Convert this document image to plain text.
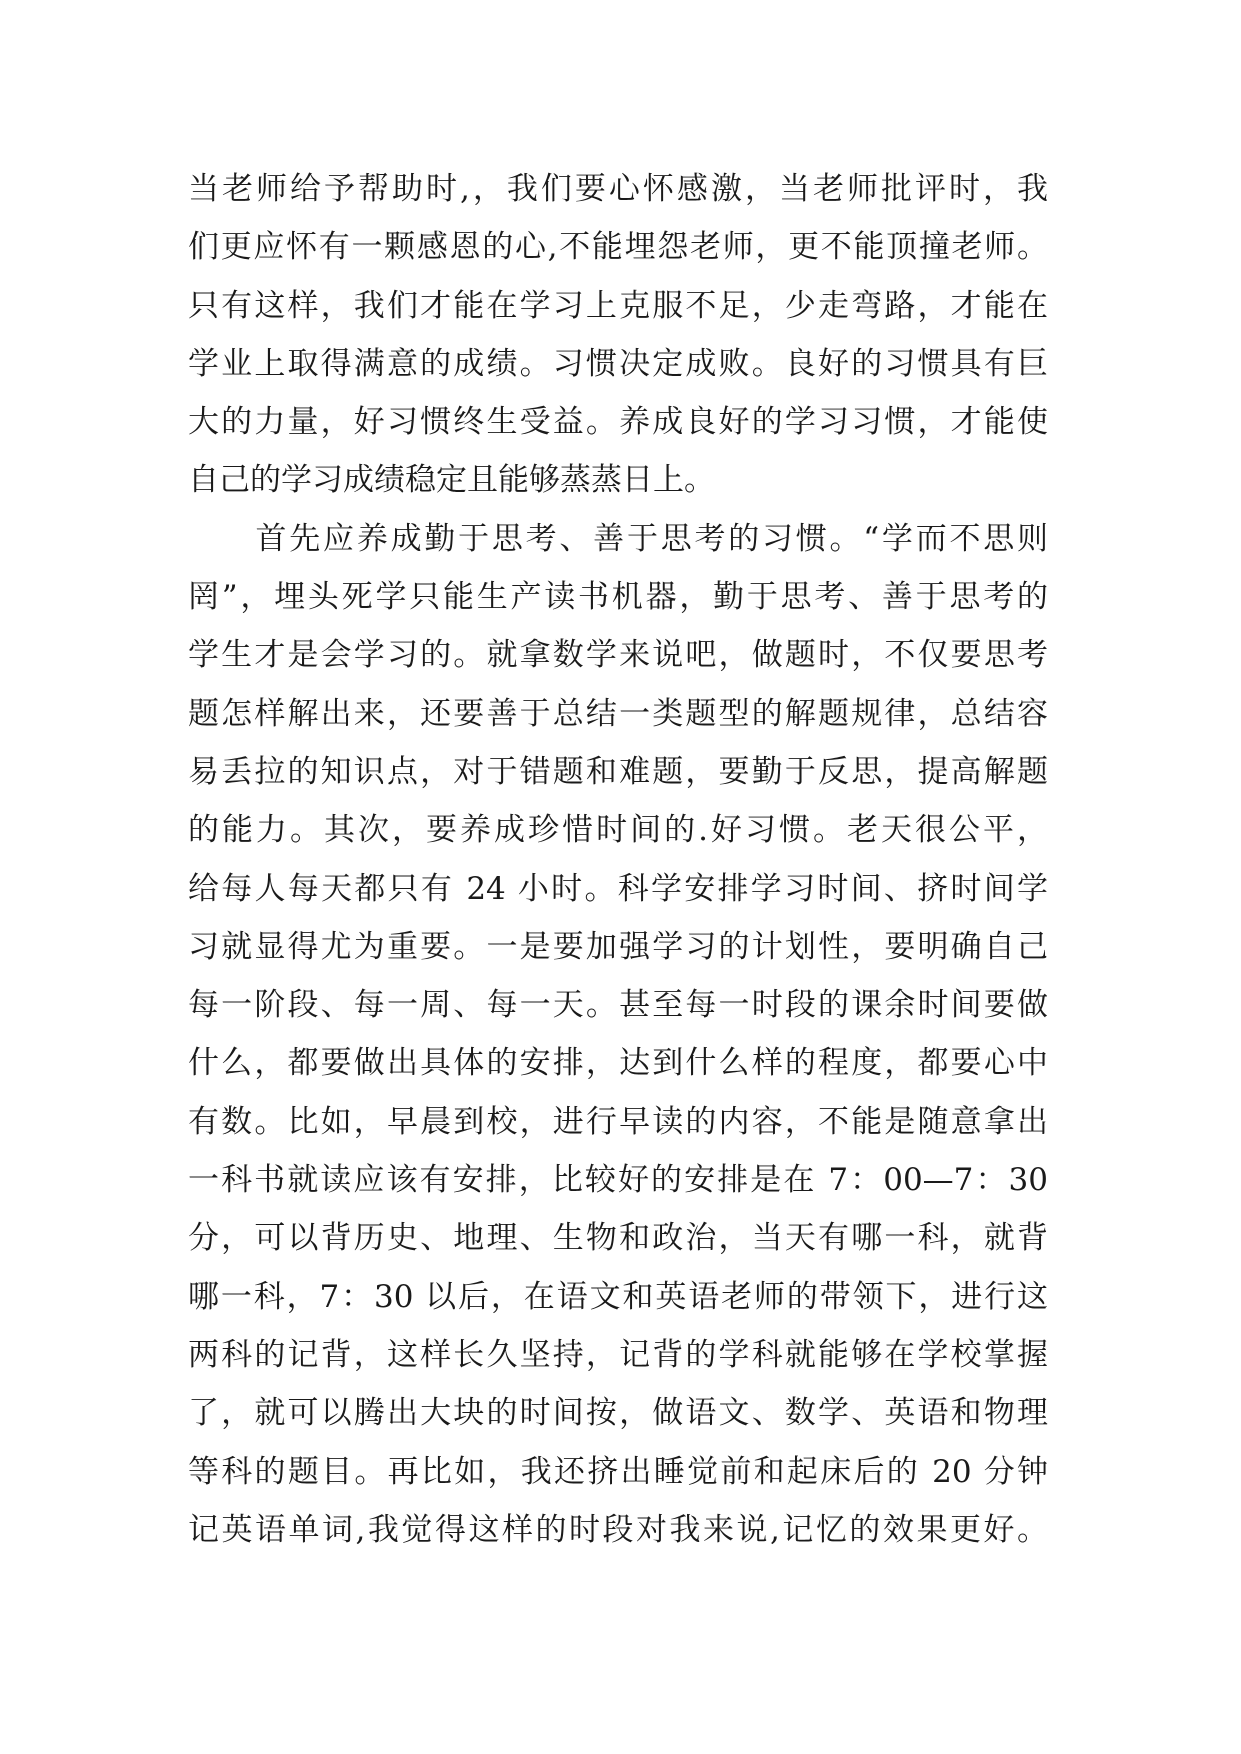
当老师给予帮助时,，我们要心怀感激，当老师批评时，我
们更应怀有一颗感恩的心,不能埋怨老师，更不能顶撞老师。
只有这样，我们才能在学习上克服不足，少走弯路，才能在
学业上取得满意的成绩。习惯决定成败。良好的习惯具有巨
大的力量，好习惯终生受益。养成良好的学习习惯，才能使
自己的学习成绩稳定且能够蒸蒸日上。
　　首先应养成勤于思考、善于思考的习惯。“学而不思则
罔”，埋头死学只能生产读书机器，勤于思考、善于思考的
学生才是会学习的。就拿数学来说吧，做题时，不仅要思考
题怎样解出来，还要善于总结一类题型的解题规律，总结容
易丢拉的知识点，对于错题和难题，要勤于反思，提高解题
的能力。其次，要养成珍惜时间的.好习惯。老天很公平，
给每人每天都只有 24 小时。科学安排学习时间、挤时间学
习就显得尤为重要。一是要加强学习的计划性，要明确自己
每一阶段、每一周、每一天。甚至每一时段的课余时间要做
什么，都要做出具体的安排，达到什么样的程度，都要心中
有数。比如，早晨到校，进行早读的内容，不能是随意拿出
一科书就读应该有安排，比较好的安排是在 7：00—7：30
分，可以背历史、地理、生物和政治，当天有哪一科，就背
哪一科，7：30 以后，在语文和英语老师的带领下，进行这
两科的记背，这样长久坚持，记背的学科就能够在学校掌握
了，就可以腾出大块的时间按，做语文、数学、英语和物理
等科的题目。再比如，我还挤出睡觉前和起床后的 20 分钟
记英语单词,我觉得这样的时段对我来说,记忆的效果更好。
